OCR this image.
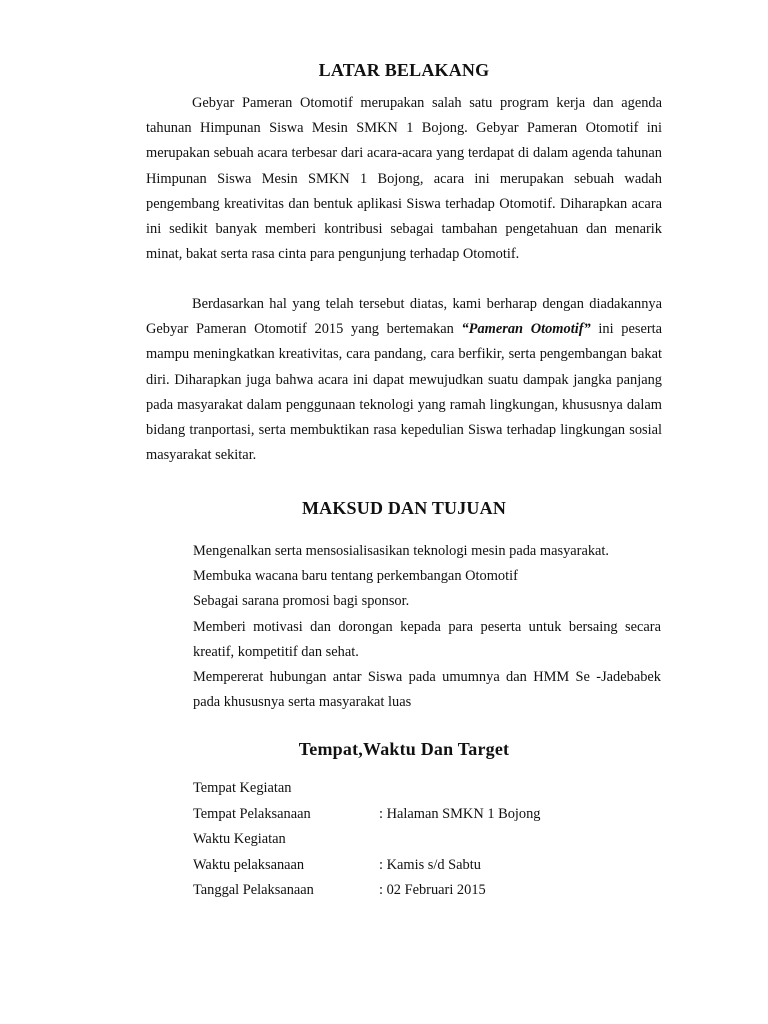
LATAR BELAKANG

Gebyar Pameran Otomotif merupakan salah satu program kerja dan agenda tahunan Himpunan Siswa Mesin SMKN 1 Bojong. Gebyar Pameran Otomotif ini merupakan sebuah acara terbesar dari acara-acara yang terdapat di dalam agenda tahunan Himpunan Siswa Mesin SMKN 1 Bojong, acara ini merupakan sebuah wadah pengembang kreativitas dan bentuk aplikasi Siswa terhadap Otomotif. Diharapkan acara ini sedikit banyak memberi kontribusi sebagai tambahan pengetahuan dan menarik minat, bakat serta rasa cinta para pengunjung terhadap Otomotif.

Berdasarkan hal yang telah tersebut diatas, kami berharap dengan diadakannya Gebyar Pameran Otomotif 2015 yang bertemakan “Pameran Otomotif” ini peserta mampu meningkatkan kreativitas, cara pandang, cara berfikir, serta pengembangan bakat diri. Diharapkan juga bahwa acara ini dapat mewujudkan suatu dampak jangka panjang pada masyarakat dalam penggunaan teknologi yang ramah lingkungan, khususnya dalam bidang tranportasi, serta membuktikan rasa kepedulian Siswa terhadap lingkungan sosial masyarakat sekitar.

MAKSUD DAN TUJUAN
Mengenalkan serta mensosialisasikan teknologi mesin pada masyarakat.
Membuka wacana baru tentang perkembangan Otomotif
Sebagai sarana promosi bagi sponsor.
Memberi motivasi dan dorongan kepada para peserta untuk bersaing secara kreatif, kompetitif dan sehat.
Mempererat hubungan antar Siswa pada umumnya dan HMM Se -Jadebabek pada khususnya serta masyarakat luas
Tempat,Waktu Dan Target
Tempat Kegiatan
Tempat Pelaksanaan	: Halaman SMKN 1 Bojong
Waktu Kegiatan
Waktu pelaksanaan	: Kamis s/d Sabtu
Tanggal Pelaksanaan	: 02 Februari 2015
